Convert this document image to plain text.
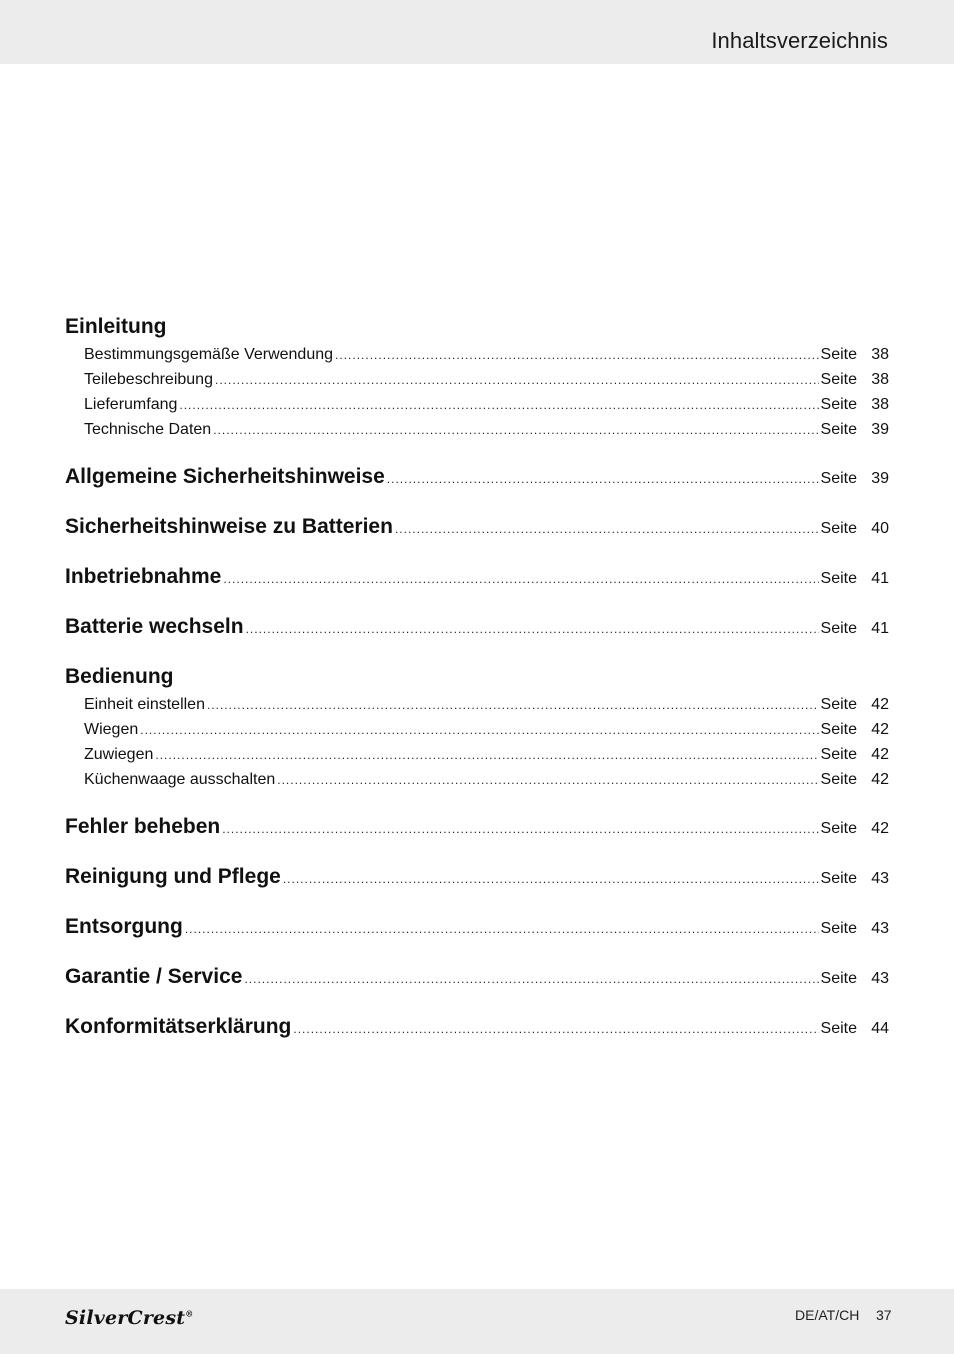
Inhaltsverzeichnis
Einleitung
Bestimmungsgemäße Verwendung .....	Seite 38
Teilebeschreibung .....	Seite 38
Lieferumfang .....	Seite 38
Technische Daten .....	Seite 39
Allgemeine Sicherheitshinweise .....	Seite 39
Sicherheitshinweise zu Batterien .....	Seite 40
Inbetriebnahme .....	Seite 41
Batterie wechseln .....	Seite 41
Bedienung
Einheit einstellen .....	Seite 42
Wiegen .....	Seite 42
Zuwiegen .....	Seite 42
Küchenwaage ausschalten .....	Seite 42
Fehler beheben .....	Seite 42
Reinigung und Pflege .....	Seite 43
Entsorgung .....	Seite 43
Garantie / Service .....	Seite 43
Konformitätserklärung .....	Seite 44
SilverCrest®	DE/AT/CH 37
